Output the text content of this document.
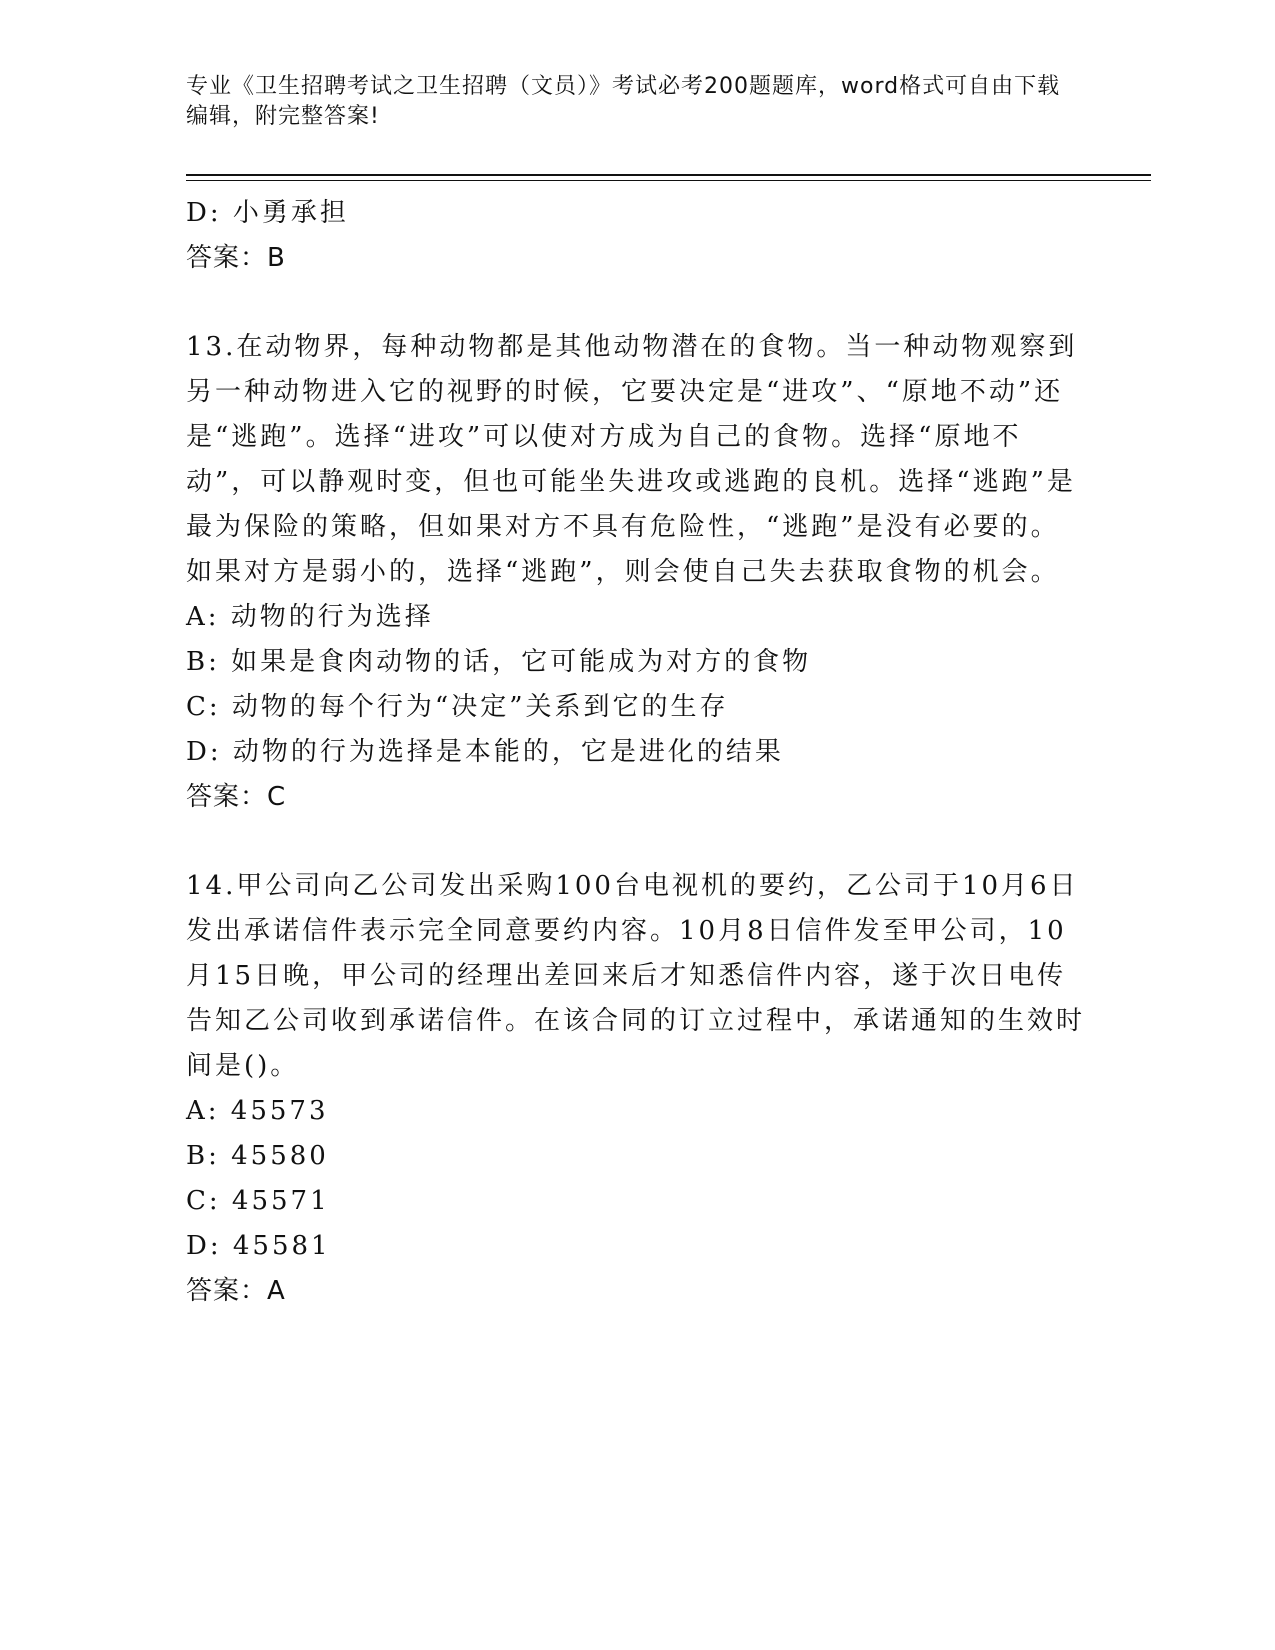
专业《卫生招聘考试之卫生招聘（文员）》考试必考200题题库，word格式可自由下载编辑，附完整答案!

D: 小勇承担

答案：B

13.在动物界，每种动物都是其他动物潜在的食物。当一种动物观察到另一种动物进入它的视野的时候，它要决定是“进攻”、“原地不动”还是“逃跑”。选择“进攻”可以使对方成为自己的食物。选择“原地不动”，可以静观时变，但也可能坐失进攻或逃跑的良机。选择“逃跑”是最为保险的策略，但如果对方不具有危险性，“逃跑”是没有必要的。如果对方是弱小的，选择“逃跑”，则会使自己失去获取食物的机会。

A: 动物的行为选择

B: 如果是食肉动物的话，它可能成为对方的食物

C: 动物的每个行为“决定”关系到它的生存

D: 动物的行为选择是本能的，它是进化的结果

答案：C

14.甲公司向乙公司发出采购100台电视机的要约，乙公司于10月6日发出承诺信件表示完全同意要约内容。10月8日信件发至甲公司，10月15日晚，甲公司的经理出差回来后才知悉信件内容，遂于次日电传告知乙公司收到承诺信件。在该合同的订立过程中，承诺通知的生效时间是()。

A: 45573

B: 45580

C: 45571

D: 45581

答案：A
